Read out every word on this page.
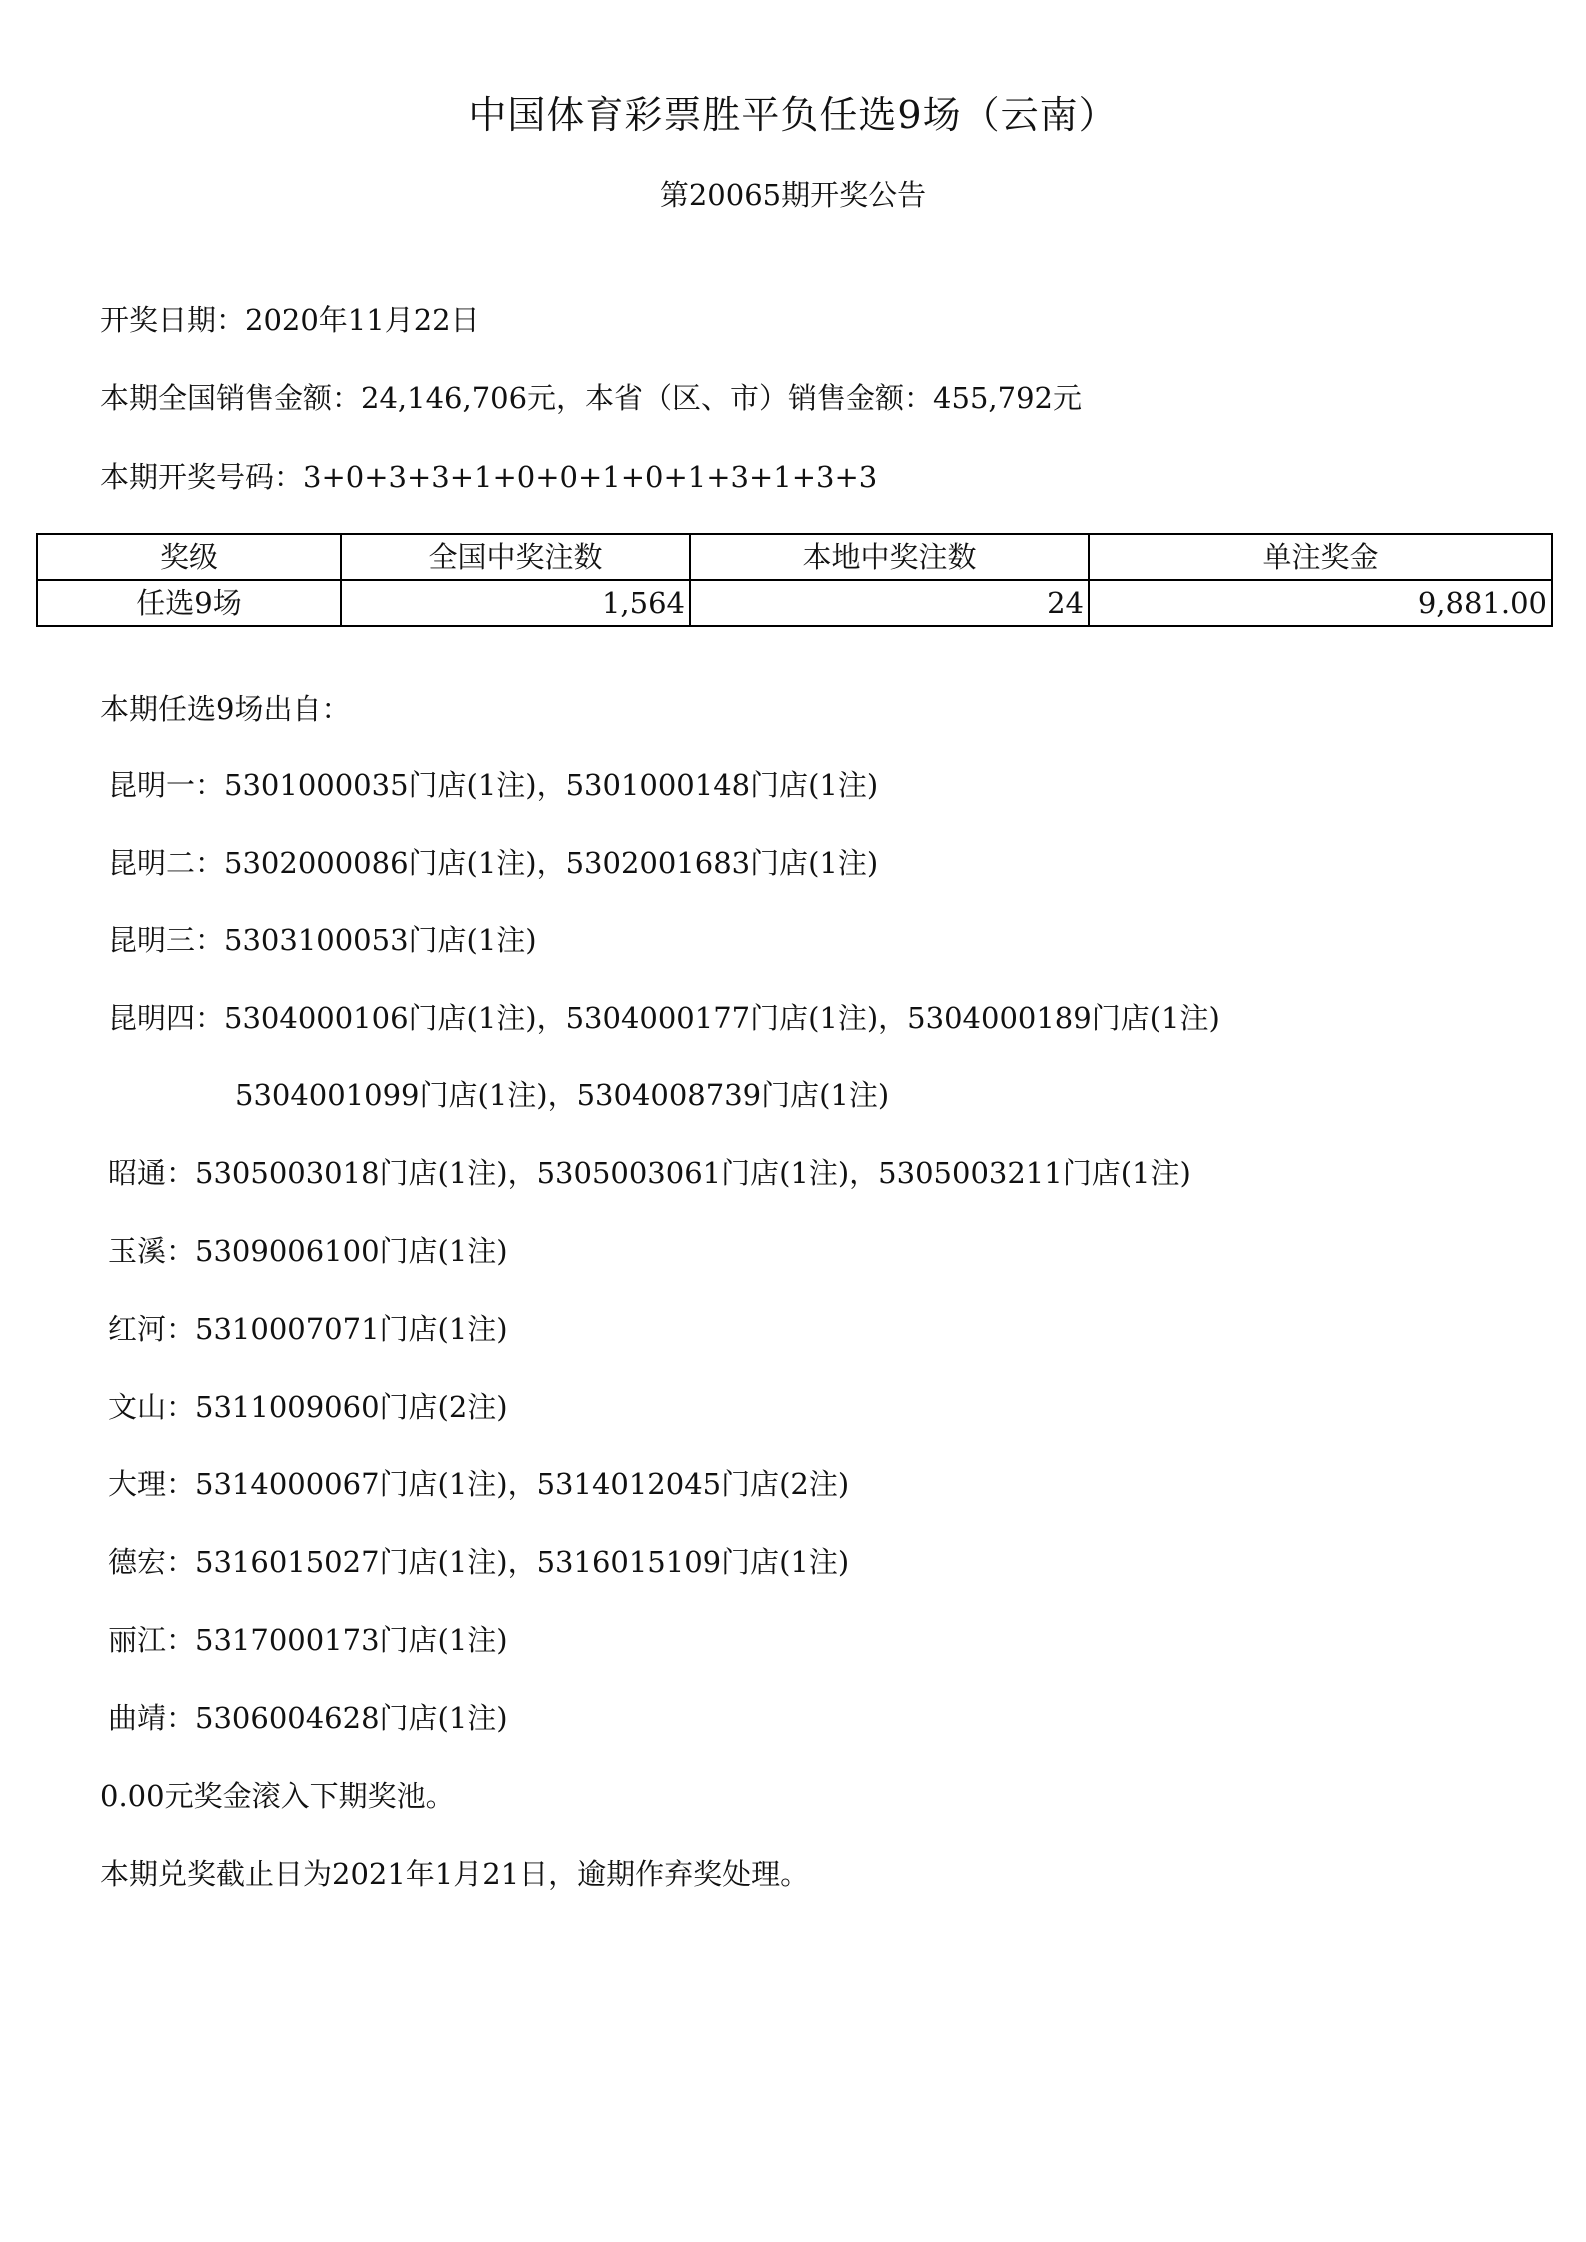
中国体育彩票胜平负任选9场（云南）
第20065期开奖公告
开奖日期：2020年11月22日
本期全国销售金额：24,146,706元，本省（区、市）销售金额：455,792元
本期开奖号码：3+0+3+3+1+0+0+1+0+1+3+1+3+3
奖级	全国中奖注数	本地中奖注数	单注奖金
任选9场	1,564	24	9,881.00
本期任选9场出自：
昆明一：5301000035门店(1注)，5301000148门店(1注)
昆明二：5302000086门店(1注)，5302001683门店(1注)
昆明三：5303100053门店(1注)
昆明四：5304000106门店(1注)，5304000177门店(1注)，5304000189门店(1注)
5304001099门店(1注)，5304008739门店(1注)
昭通：5305003018门店(1注)，5305003061门店(1注)，5305003211门店(1注)
玉溪：5309006100门店(1注)
红河：5310007071门店(1注)
文山：5311009060门店(2注)
大理：5314000067门店(1注)，5314012045门店(2注)
德宏：5316015027门店(1注)，5316015109门店(1注)
丽江：5317000173门店(1注)
曲靖：5306004628门店(1注)
0.00元奖金滚入下期奖池。
本期兑奖截止日为2021年1月21日，逾期作弃奖处理。
